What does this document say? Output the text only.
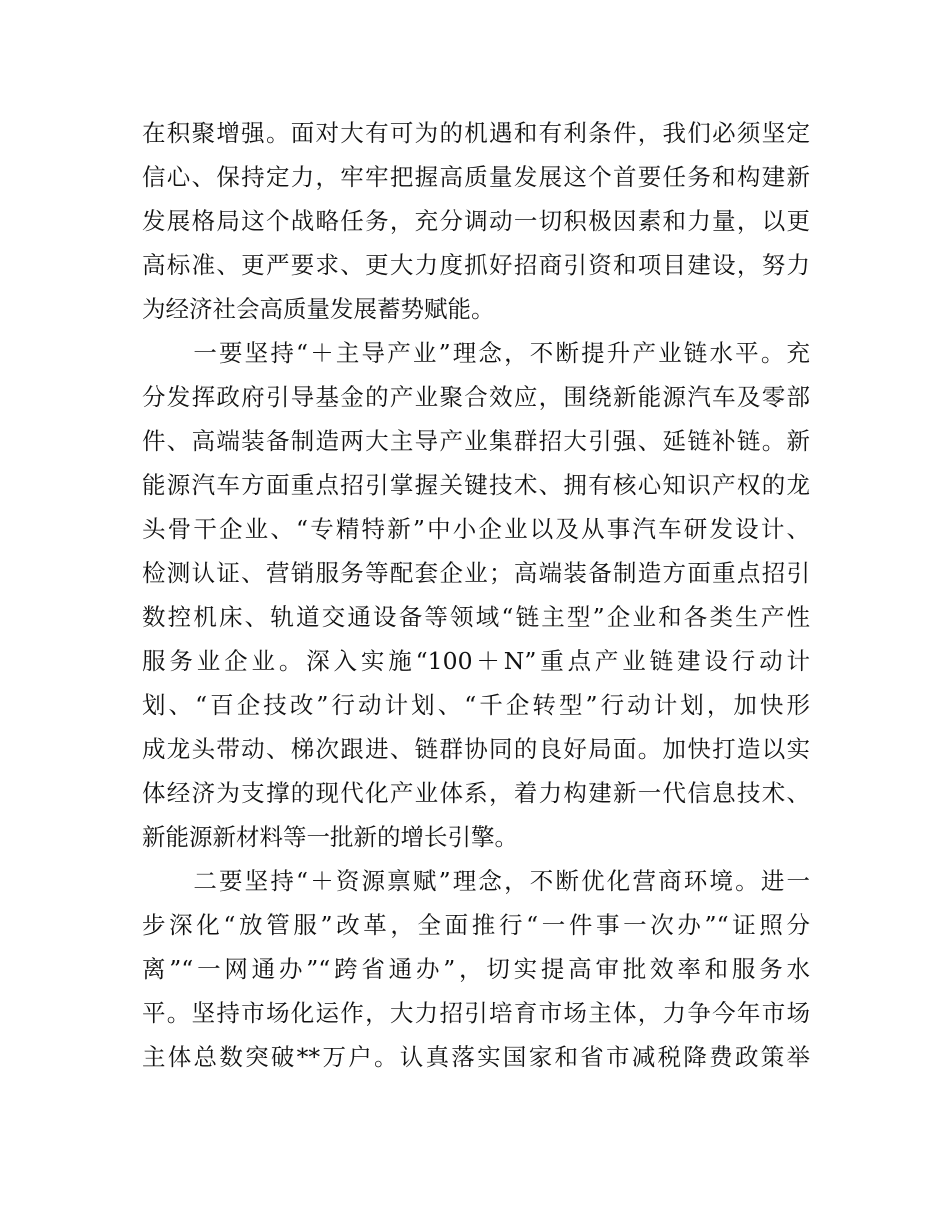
在积聚增强。面对大有可为的机遇和有利条件，我们必须坚定
信心、保持定力，牢牢把握高质量发展这个首要任务和构建新
发展格局这个战略任务，充分调动一切积极因素和力量，以更
高标准、更严要求、更大力度抓好招商引资和项目建设，努力
为经济社会高质量发展蓄势赋能。
　　一要坚持“＋主导产业”理念，不断提升产业链水平。充
分发挥政府引导基金的产业聚合效应，围绕新能源汽车及零部
件、高端装备制造两大主导产业集群招大引强、延链补链。新
能源汽车方面重点招引掌握关键技术、拥有核心知识产权的龙
头骨干企业、“专精特新”中小企业以及从事汽车研发设计、
检测认证、营销服务等配套企业；高端装备制造方面重点招引
数控机床、轨道交通设备等领域“链主型”企业和各类生产性
服务业企业。深入实施“100＋N”重点产业链建设行动计
划、“百企技改”行动计划、“千企转型”行动计划，加快形
成龙头带动、梯次跟进、链群协同的良好局面。加快打造以实
体经济为支撑的现代化产业体系，着力构建新一代信息技术、
新能源新材料等一批新的增长引擎。
　　二要坚持“＋资源禀赋”理念，不断优化营商环境。进一
步深化“放管服”改革，全面推行“一件事一次办”“证照分
离”“一网通办”“跨省通办”，切实提高审批效率和服务水
平。坚持市场化运作，大力招引培育市场主体，力争今年市场
主体总数突破**万户。认真落实国家和省市减税降费政策举
